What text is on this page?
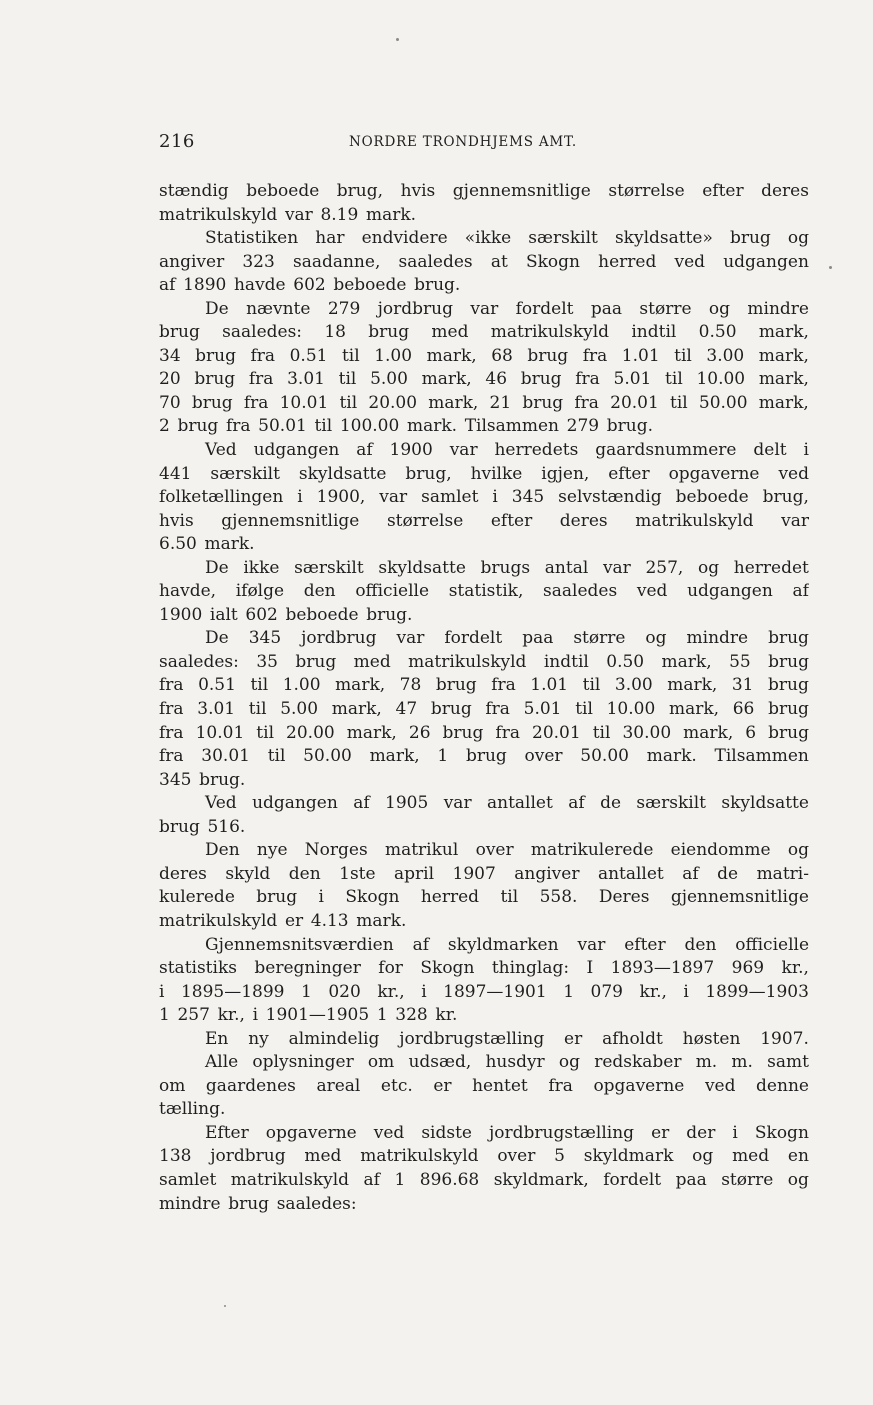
216	NORDRE TRONDHJEMS AMT.
stændig beboede brug, hvis gjennemsnitlige størrelse efter deres
matrikulskyld var 8.19 mark.
Statistiken har endvidere «ikke særskilt skyldsatte» brug og
angiver 323 saadanne, saaledes at Skogn herred ved udgangen
af 1890 havde 602 beboede brug.
De nævnte 279 jordbrug var fordelt paa større og mindre
brug saaledes: 18 brug med matrikulskyld indtil 0.50 mark,
34 brug fra 0.51 til 1.00 mark, 68 brug fra 1.01 til 3.00 mark,
20 brug fra 3.01 til 5.00 mark, 46 brug fra 5.01 til 10.00 mark,
70 brug fra 10.01 til 20.00 mark, 21 brug fra 20.01 til 50.00 mark,
2 brug fra 50.01 til 100.00 mark. Tilsammen 279 brug.
Ved udgangen af 1900 var herredets gaardsnummere delt i
441 særskilt skyldsatte brug, hvilke igjen, efter opgaverne ved
folketællingen i 1900, var samlet i 345 selvstændig beboede brug,
hvis gjennemsnitlige størrelse efter deres matrikulskyld var
6.50 mark.
De ikke særskilt skyldsatte brugs antal var 257, og herredet
havde, ifølge den officielle statistik, saaledes ved udgangen af
1900 ialt 602 beboede brug.
De 345 jordbrug var fordelt paa større og mindre brug
saaledes: 35 brug med matrikulskyld indtil 0.50 mark, 55 brug
fra 0.51 til 1.00 mark, 78 brug fra 1.01 til 3.00 mark, 31 brug
fra 3.01 til 5.00 mark, 47 brug fra 5.01 til 10.00 mark, 66 brug
fra 10.01 til 20.00 mark, 26 brug fra 20.01 til 30.00 mark, 6 brug
fra 30.01 til 50.00 mark, 1 brug over 50.00 mark. Tilsammen
345 brug.
Ved udgangen af 1905 var antallet af de særskilt skyldsatte
brug 516.
Den nye Norges matrikul over matrikulerede eiendomme og
deres skyld den 1ste april 1907 angiver antallet af de matri-
kulerede brug i Skogn herred til 558. Deres gjennemsnitlige
matrikulskyld er 4.13 mark.
Gjennemsnitsværdien af skyldmarken var efter den officielle
statistiks beregninger for Skogn thinglag: I 1893—1897 969 kr.,
i 1895—1899 1 020 kr., i 1897—1901 1 079 kr., i 1899—1903
1 257 kr., i 1901—1905 1 328 kr.
En ny almindelig jordbrugstælling er afholdt høsten 1907.
Alle oplysninger om udsæd, husdyr og redskaber m. m. samt
om gaardenes areal etc. er hentet fra opgaverne ved denne
tælling.
Efter opgaverne ved sidste jordbrugstælling er der i Skogn
138 jordbrug med matrikulskyld over 5 skyldmark og med en
samlet matrikulskyld af 1 896.68 skyldmark, fordelt paa større og
mindre brug saaledes:
